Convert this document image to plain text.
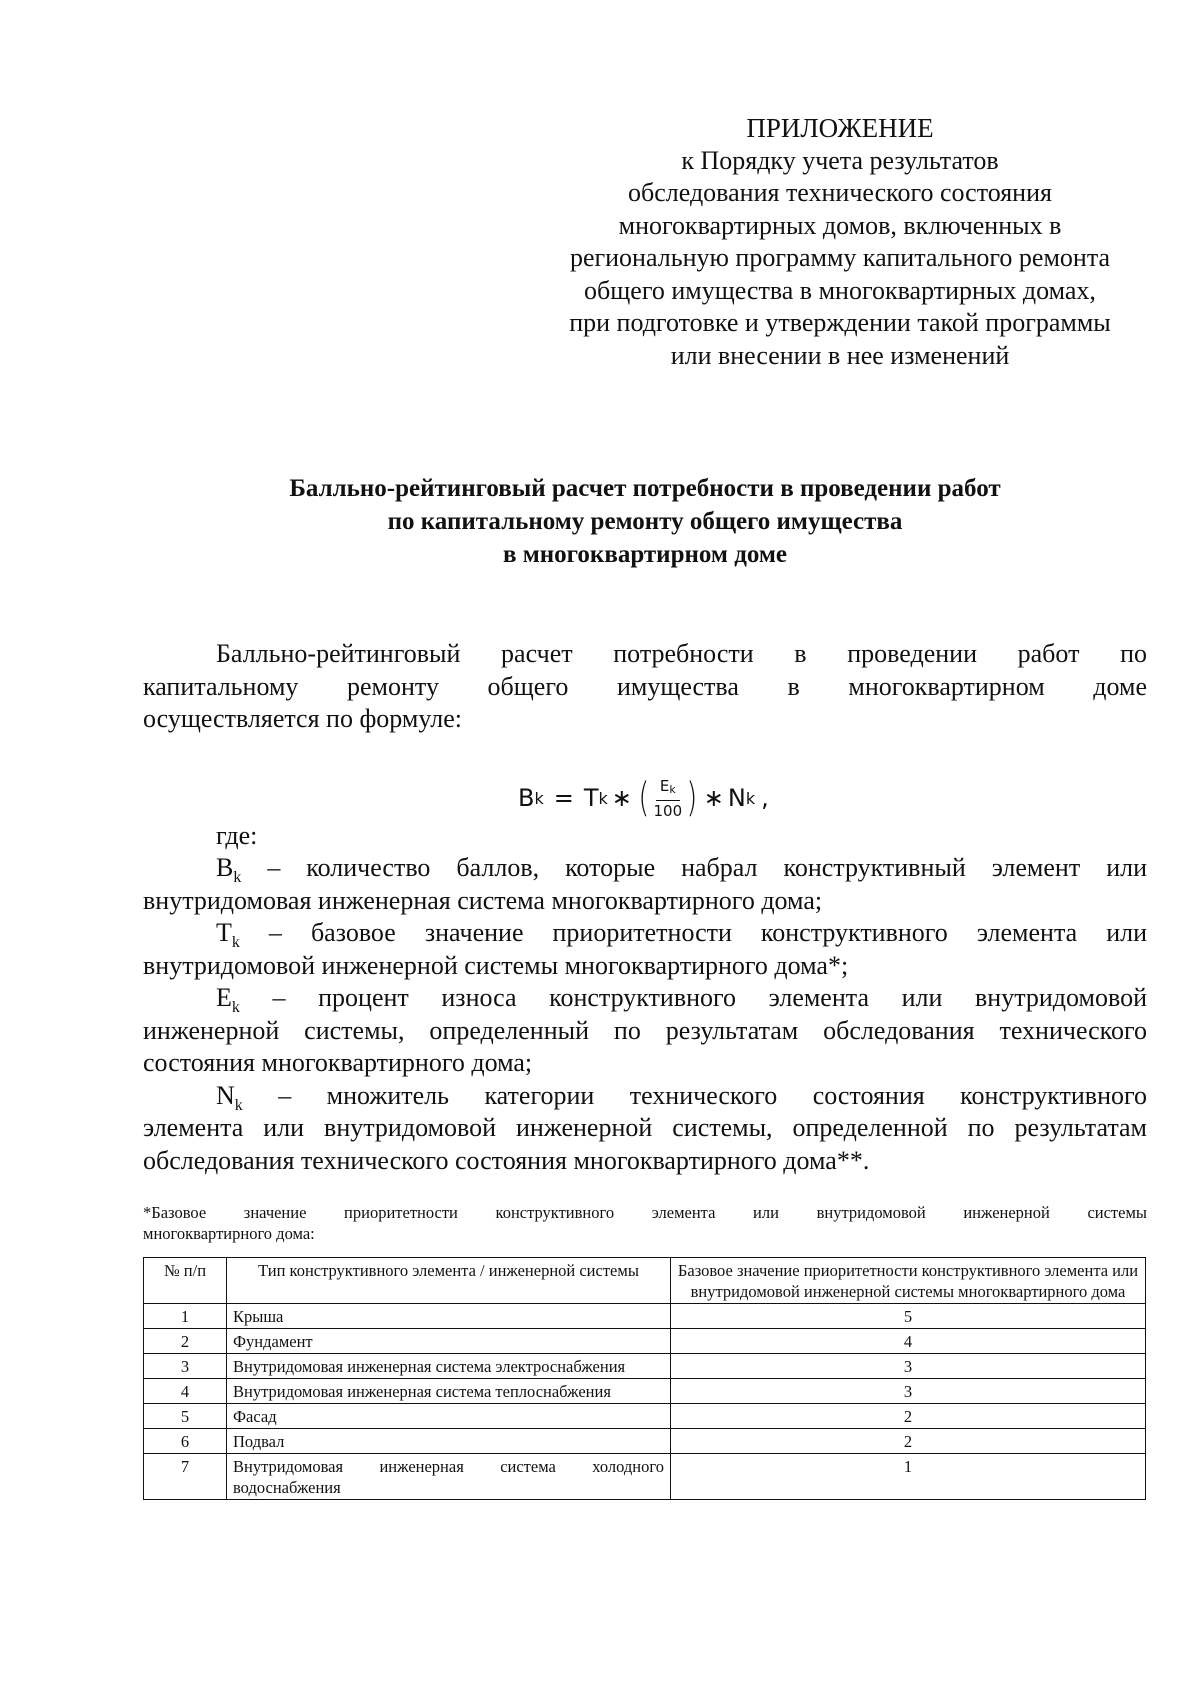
ПРИЛОЖЕНИЕ
к Порядку учета результатов
обследования технического состояния
многоквартирных домов, включенных в
региональную программу капитального ремонта
общего имущества в многоквартирных домах,
при подготовке и утверждении такой программы
или внесении в нее изменений
Балльно-рейтинговый расчет потребности в проведении работ
по капитальному ремонту общего имущества
в многоквартирном доме
Балльно-рейтинговый расчет потребности в проведении работ по
капитальному ремонту общего имущества в многоквартирном доме
осуществляется по формуле:
B k = T k ∗ ( $\frac{E_k}{100}$ ) ∗ N k ,
где:
$B_k$ – количество баллов, которые набрал конструктивный элемент или
внутридомовая инженерная система многоквартирного дома;
$T_k$ – базовое значение приоритетности конструктивного элемента или
внутридомовой инженерной системы многоквартирного дома*;
$E_k$ – процент износа конструктивного элемента или внутридомовой
инженерной системы, определенный по результатам обследования технического
состояния многоквартирного дома;
$N_k$ – множитель категории технического состояния конструктивного
элемента или внутридомовой инженерной системы, определенной по результатам
обследования технического состояния многоквартирного дома**.
*Базовое значение приоритетности конструктивного элемента или внутридомовой инженерной системы
многоквартирного дома:
№ п/п	Тип конструктивного элемента / инженерной системы	Базовое значение приоритетности конструктивного элемента или внутридомовой инженерной системы многоквартирного дома
1	Крыша	5
2	Фундамент	4
3	Внутридомовая инженерная система электроснабжения	3
4	Внутридомовая инженерная система теплоснабжения	3
5	Фасад	2
6	Подвал	2
7	Внутридомовая инженерная система холодного водоснабжения	1
